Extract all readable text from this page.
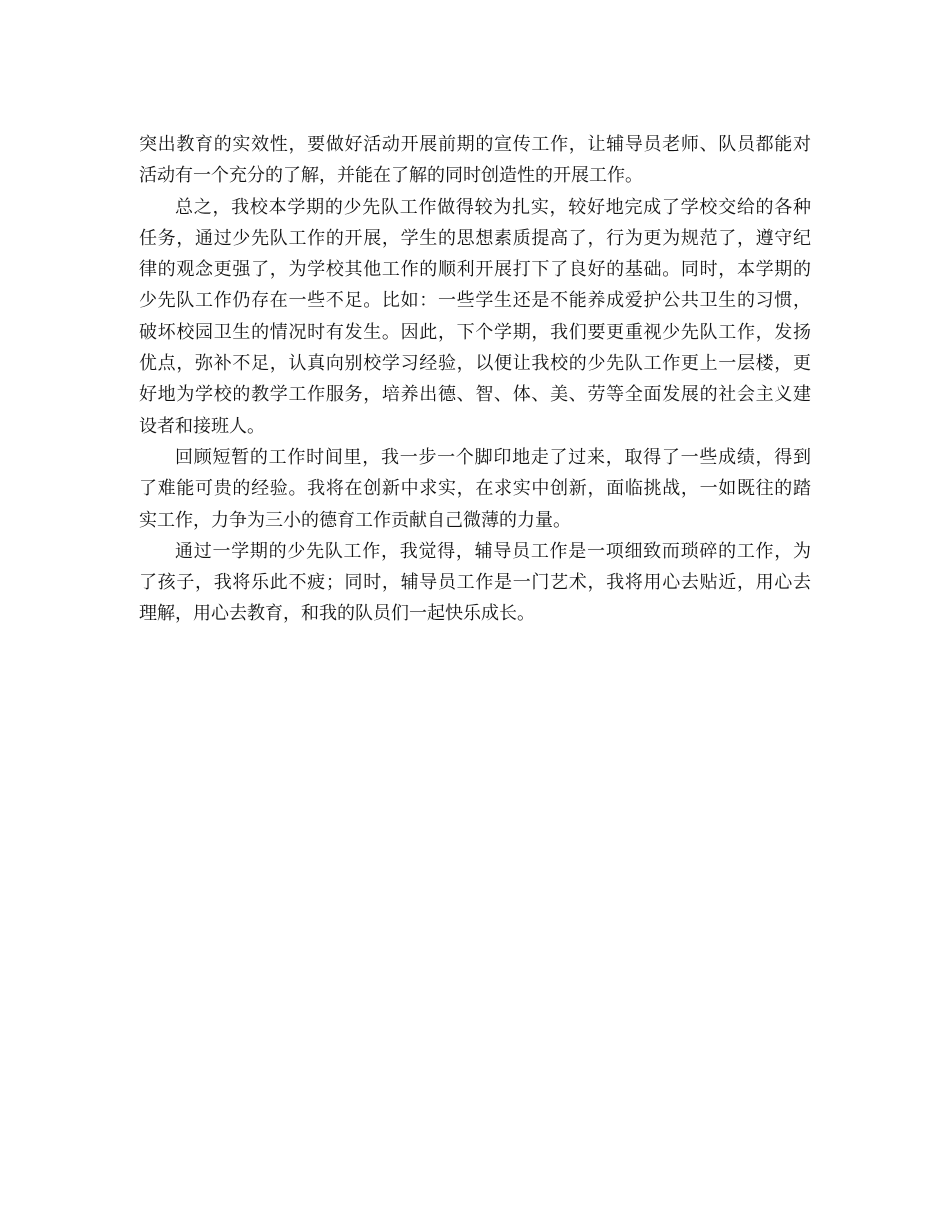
突出教育的实效性，要做好活动开展前期的宣传工作，让辅导员老师、队员都能对
活动有一个充分的了解，并能在了解的同时创造性的开展工作。
总之，我校本学期的少先队工作做得较为扎实，较好地完成了学校交给的各种
任务，通过少先队工作的开展，学生的思想素质提高了，行为更为规范了，遵守纪
律的观念更强了，为学校其他工作的顺利开展打下了良好的基础。同时，本学期的
少先队工作仍存在一些不足。比如：一些学生还是不能养成爱护公共卫生的习惯，
破坏校园卫生的情况时有发生。因此，下个学期，我们要更重视少先队工作，发扬
优点，弥补不足，认真向别校学习经验，以便让我校的少先队工作更上一层楼，更
好地为学校的教学工作服务，培养出德、智、体、美、劳等全面发展的社会主义建
设者和接班人。
回顾短暂的工作时间里，我一步一个脚印地走了过来，取得了一些成绩，得到
了难能可贵的经验。我将在创新中求实，在求实中创新，面临挑战，一如既往的踏
实工作，力争为三小的德育工作贡献自己微薄的力量。
通过一学期的少先队工作，我觉得，辅导员工作是一项细致而琐碎的工作，为
了孩子，我将乐此不疲；同时，辅导员工作是一门艺术，我将用心去贴近，用心去
理解，用心去教育，和我的队员们一起快乐成长。
